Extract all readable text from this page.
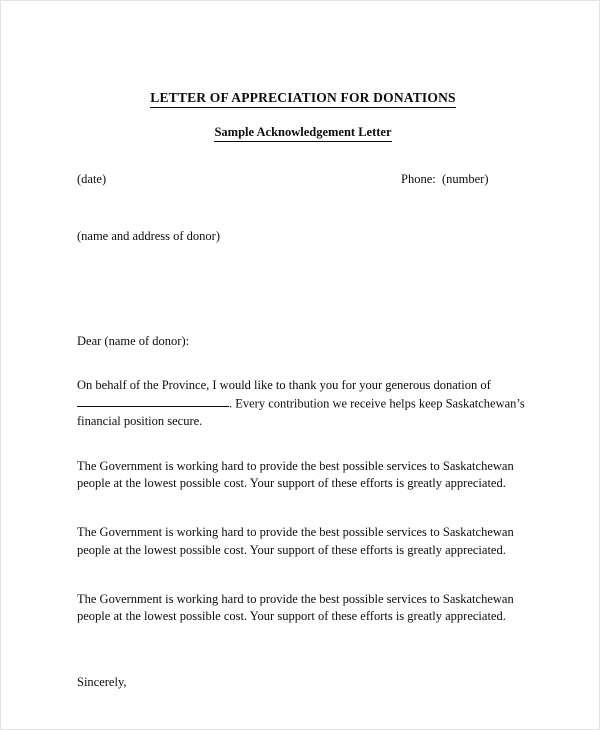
LETTER OF APPRECIATION FOR DONATIONS
Sample Acknowledgement Letter
(date)	Phone:  (number)
(name and address of donor)
Dear (name of donor):
On behalf of the Province, I would like to thank you for your generous donation of . Every contribution we receive helps keep Saskatchewan’s financial position secure.
The Government is working hard to provide the best possible services to Saskatchewan people at the lowest possible cost. Your support of these efforts is greatly appreciated.
The Government is working hard to provide the best possible services to Saskatchewan people at the lowest possible cost. Your support of these efforts is greatly appreciated.
The Government is working hard to provide the best possible services to Saskatchewan people at the lowest possible cost. Your support of these efforts is greatly appreciated.
Sincerely,
